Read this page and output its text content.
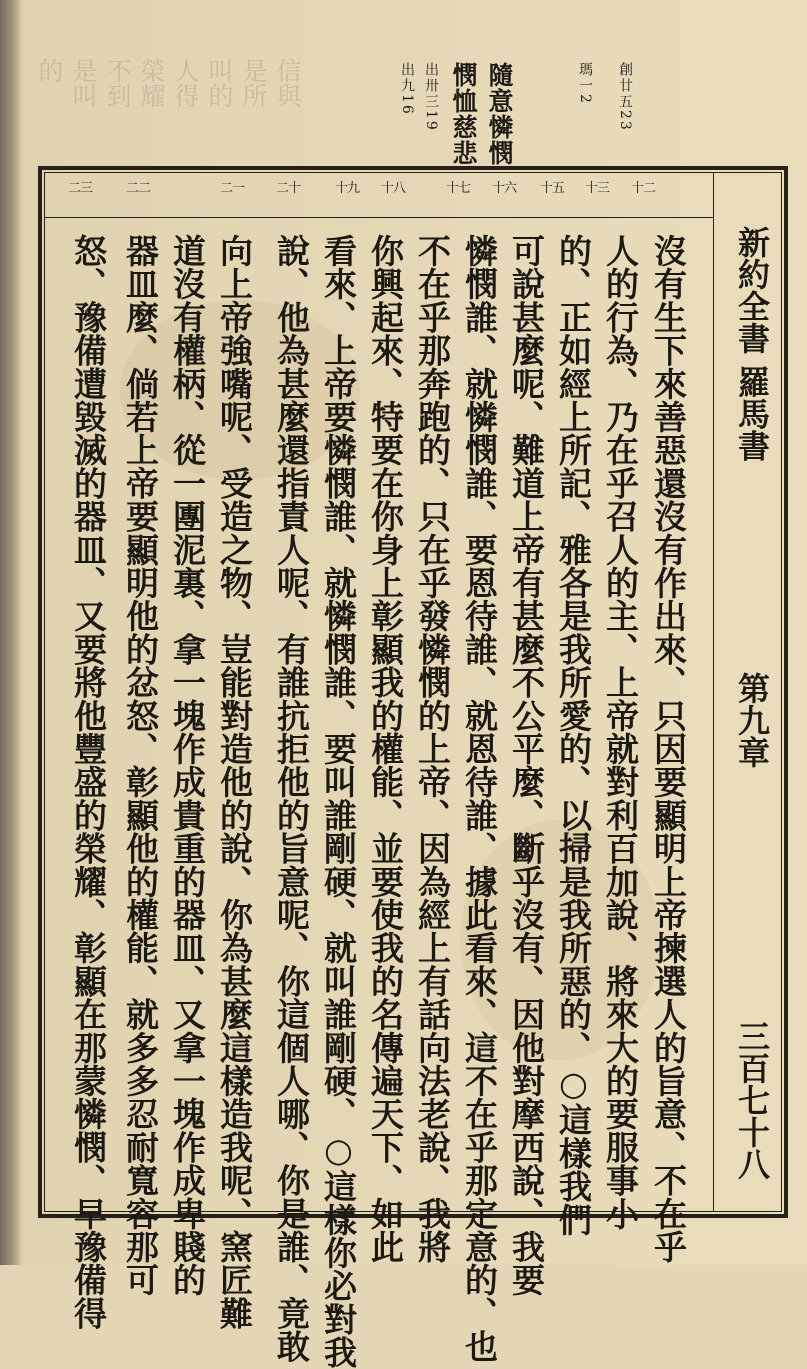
信與是所叫的人得榮耀不到是叫的	出九16 出卅三19 憫恤慈悲 隨意憐憫	瑪一2	創廿五23
十二
十三
十五
十六
十七
十八
十九
二十
二一
二二
二三
沒有生下來善惡還沒有作出來、只因要顯明上帝揀選人的旨意、不在乎
人的行為、乃在乎召人的主、上帝就對利百加說、將來大的要服事小
的、正如經上所記、雅各是我所愛的、以掃是我所惡的、○這樣我們
可說甚麼呢、難道上帝有甚麼不公平麼、斷乎沒有、因他對摩西說、我要
憐憫誰、就憐憫誰、要恩待誰、就恩待誰、據此看來、這不在乎那定意的、也
不在乎那奔跑的、只在乎發憐憫的上帝、因為經上有話向法老說、我將
你興起來、特要在你身上彰顯我的權能、並要使我的名傳遍天下、如此
看來、上帝要憐憫誰、就憐憫誰、要叫誰剛硬、就叫誰剛硬、○這樣你必對我
說、他為甚麼還指責人呢、有誰抗拒他的旨意呢、你這個人哪、你是誰、竟敢
向上帝強嘴呢、受造之物、豈能對造他的說、你為甚麼這樣造我呢、窯匠難
道沒有權柄、從一團泥裏、拿一塊作成貴重的器皿、又拿一塊作成卑賤的
器皿麼、倘若上帝要顯明他的忿怒、彰顯他的權能、就多多忍耐寬容那可
怒、豫備遭毀滅的器皿、又要將他豐盛的榮耀、彰顯在那蒙憐憫、早豫備得	新約全書 羅馬書
第九章
三百七十八
